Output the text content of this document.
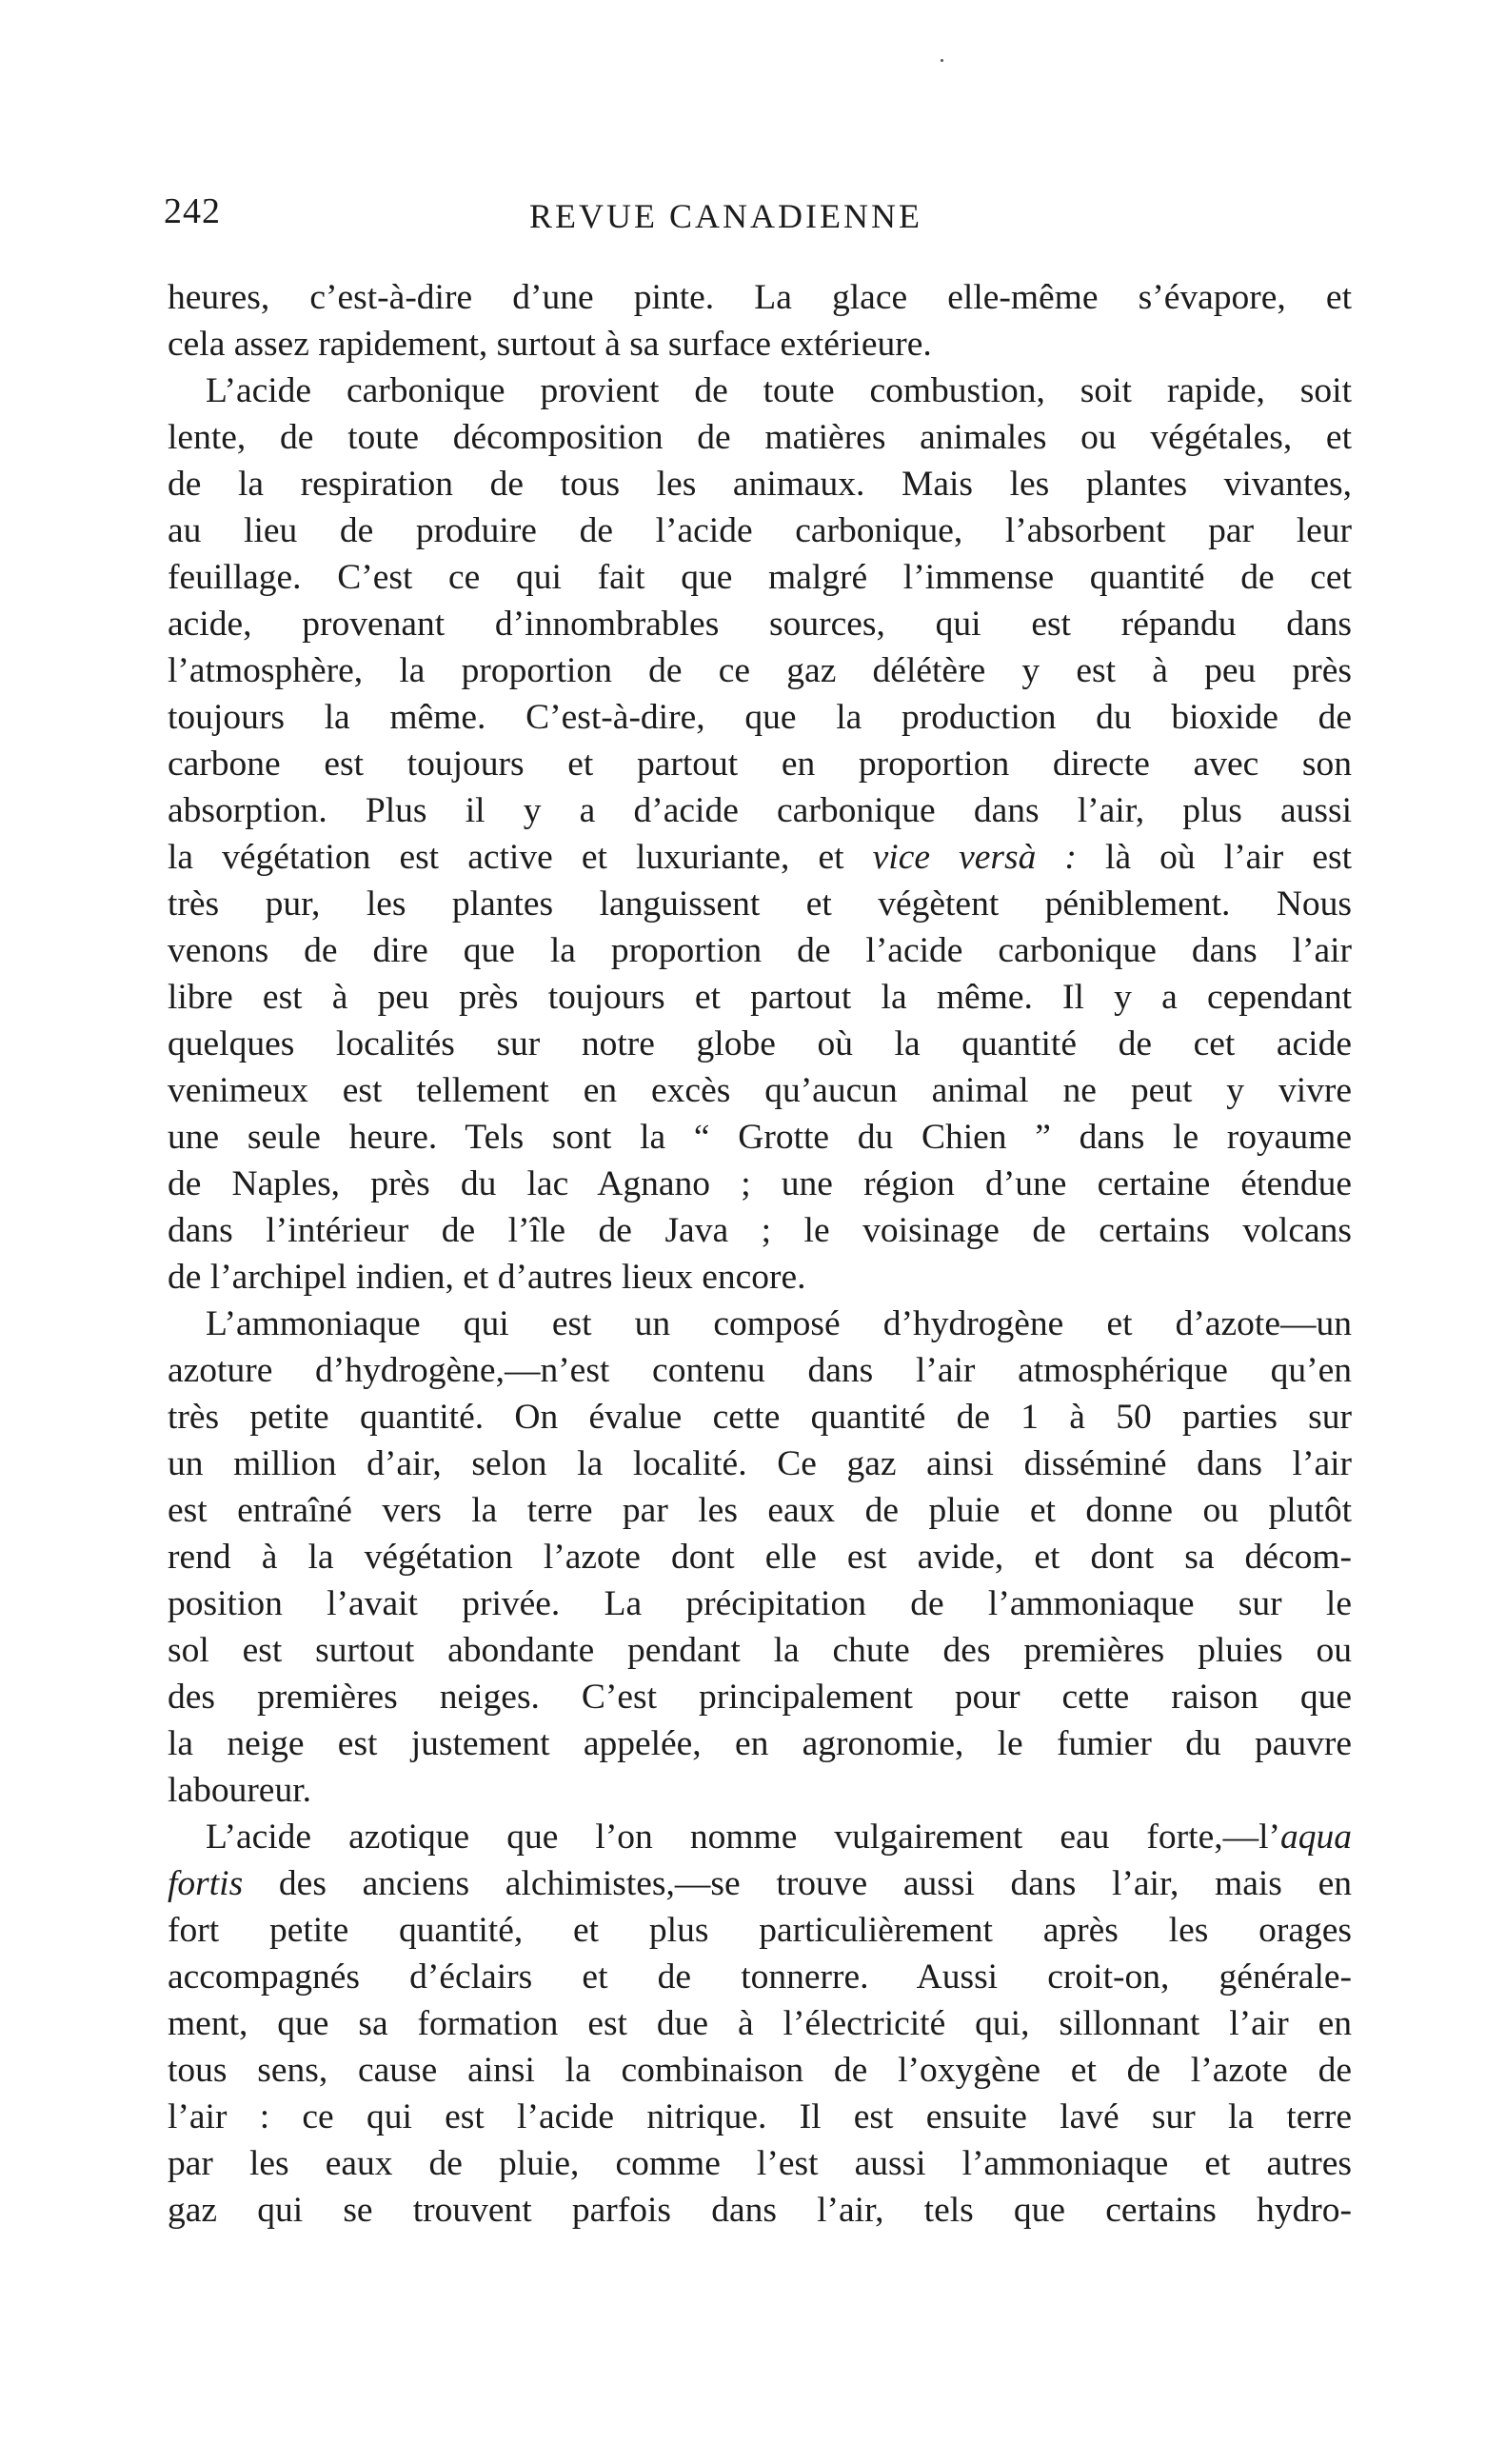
242	REVUE CANADIENNE
heures, c’est-à-dire d’une pinte. La glace elle-même s’évapore, et
cela assez rapidement, surtout à sa surface extérieure.
L’acide carbonique provient de toute combustion, soit rapide, soit
lente, de toute décomposition de matières animales ou végétales, et
de la respiration de tous les animaux. Mais les plantes vivantes,
au lieu de produire de l’acide carbonique, l’absorbent par leur
feuillage. C’est ce qui fait que malgré l’immense quantité de cet
acide, provenant d’innombrables sources, qui est répandu dans
l’atmosphère, la proportion de ce gaz délétère y est à peu près
toujours la même. C’est-à-dire, que la production du bioxide de
carbone est toujours et partout en proportion directe avec son
absorption. Plus il y a d’acide carbonique dans l’air, plus aussi
la végétation est active et luxuriante, et vice versà : là où l’air est
très pur, les plantes languissent et végètent péniblement. Nous
venons de dire que la proportion de l’acide carbonique dans l’air
libre est à peu près toujours et partout la même. Il y a cependant
quelques localités sur notre globe où la quantité de cet acide
venimeux est tellement en excès qu’aucun animal ne peut y vivre
une seule heure. Tels sont la “ Grotte du Chien ” dans le royaume
de Naples, près du lac Agnano ; une région d’une certaine étendue
dans l’intérieur de l’île de Java ; le voisinage de certains volcans
de l’archipel indien, et d’autres lieux encore.
L’ammoniaque qui est un composé d’hydrogène et d’azote—un
azoture d’hydrogène,—n’est contenu dans l’air atmosphérique qu’en
très petite quantité. On évalue cette quantité de 1 à 50 parties sur
un million d’air, selon la localité. Ce gaz ainsi disséminé dans l’air
est entraîné vers la terre par les eaux de pluie et donne ou plutôt
rend à la végétation l’azote dont elle est avide, et dont sa décom-
position l’avait privée. La précipitation de l’ammoniaque sur le
sol est surtout abondante pendant la chute des premières pluies ou
des premières neiges. C’est principalement pour cette raison que
la neige est justement appelée, en agronomie, le fumier du pauvre
laboureur.
L’acide azotique que l’on nomme vulgairement eau forte,—l’aqua
fortis des anciens alchimistes,—se trouve aussi dans l’air, mais en
fort petite quantité, et plus particulièrement après les orages
accompagnés d’éclairs et de tonnerre. Aussi croit-on, générale-
ment, que sa formation est due à l’électricité qui, sillonnant l’air en
tous sens, cause ainsi la combinaison de l’oxygène et de l’azote de
l’air : ce qui est l’acide nitrique. Il est ensuite lavé sur la terre
par les eaux de pluie, comme l’est aussi l’ammoniaque et autres
gaz qui se trouvent parfois dans l’air, tels que certains hydro-
